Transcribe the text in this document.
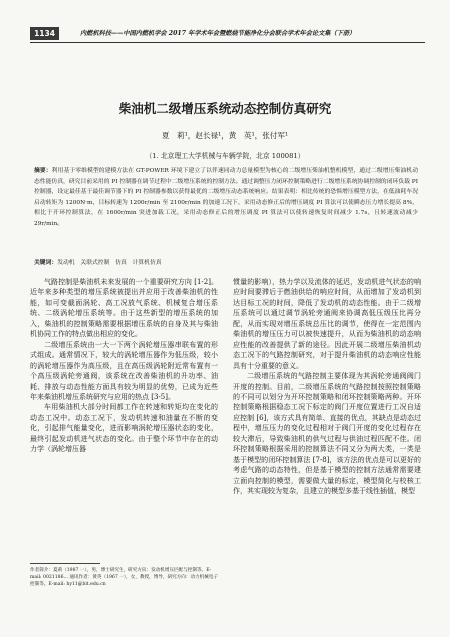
1134	内燃机科技——中国内燃机学会 2017 年学术年会暨燃烧节能净化分会联合学术年会论文集（下册）
柴油机二级增压系统动态控制仿真研究
夏　莉¹，赵长禄¹，黄　英¹，张付军¹
（1. 北京理工大学机械与车辆学院，北京 100081）
摘要：利用基于零维模型的建模方法在 GT-POWER 环境下建立了以伴速同动力总量模型为核心的二级增压柴油机整机模型，通过二级增压柴油机动态性能仿真，研究目前采用的 PI 控制器在调节过程中二级增压系统的控制方法。通过调整压力闭环控制策略进行二级增压系统协调控制的闭环负载 PI 控制器，设定最佳基于最佳调节器下的 PI 控制器参数以获得最优的二级增压动态系统响应。结果表明：相比传统的恐惧增压模型方法，在低油耗车况启动转矩为 1200N·m，目标转速为 1200r/min 至 2100r/min 的加速工况下，采用动态修正后的增压调度 PI 算法可以使瞬态压力增长提高 8%，相比于开环控制算法，在 1600r/min 突进加载工况，采用动态修正后的增压调度 PI 算法可以使转速恢复时间减少 1.7s，且转速波动减少 29r/min。
关键词：发动机　关联式控制　仿真　计算机仿真

气路控制是柴油机未来发展的一个重要研究方向 [1-2]。近年来多种类型的增压系统被提出并应用于改善柴油机的性能，如可变截面涡轮、高工况放气系统、机械复合增压系统、二级涡轮增压系统等。由于这些新型的增压系统的加入，柴油机的控制策略需要根据增压系统的自身及其与柴油机协同工作的特点做出相应的变化。

二级增压系统由一大一下两个涡轮增压器串联布置的形式组成。通常情况下，较大的涡轮增压器作为低压级，较小的涡轮增压器作为高压级，且在高压级涡轮附近常布置有一个高压级涡轮旁通阀，该系统在改善柴油机的升功率、油耗、排放与动态性能方面具有较为明显的优势，已成为近些年来柴油机增压系统研究与应用的热点 [3-5]。

车用柴油机大部分时间都工作在转速和转矩均在变化的动态工况中。动态工况下，发动机转速和油量在不断的变化，引起排气能量变化，进而影响涡轮增压器状态的变化，最终引起发动机进气状态的变化。由于整个环节中存在的动力学（涡轮增压器

惯量的影响），热力学以及流体的延迟，发动机进气状态的响应时间要滞后于燃油供给的响应时间，从而增加了发动机到达目标工况的时间，降低了发动机的动态性能。由于二级增压系统可以通过调节涡轮旁通阀来协调高低压级压比再分配，从而实现对增压系统总压比的调节，使得在一定范围内柴油机的增压压力可以被快速提升，从而为柴油机的动态响应性能的改善提供了新的途径。因此开展二级增压柴油机动态工况下的气路控制研究，对于提升柴油机的动态响应性能具有十分重要的意义。

二级增压系统的气路控制主要体现为其涡轮旁通阀阀门开度的控制。目前，二级增压系统的气路控制按照控制策略的不同可以划分为开环控制策略和闭环控制策略两种。开环控制策略根据稳态工况下标定的阀门开度位置进行工况自适应控制 [6]，该方式具有简单、直接的优点，其缺点是动态过程中，增压压力的变化过程相对于阀门开度的变化过程存在较大滞后，导致柴油机的供气过程与供油过程匹配不佳。闭环控制策略根据采用的控制算法不同又分为两大类，一类是基于模型的闭环控制算法 [7-8]，该方法的优点是可以更好的考虑气路的动态特性，但是基于模型的控制方法通常需要建立面向控制的模型，需要做大量的标定，模型简化与校核工作，其实现较为复杂，且建立的模型多基于线性插值，模型

作者简介：夏莉（1987 一），男，博士研究生，研究方向：发动机增压匹配与控制等。E-mail: 0021186... 通讯作者：黄英（1967 一），女，教授，博导，研究方向：动力机械电子控制等。E-mail: hy11@bit.edu.cn
